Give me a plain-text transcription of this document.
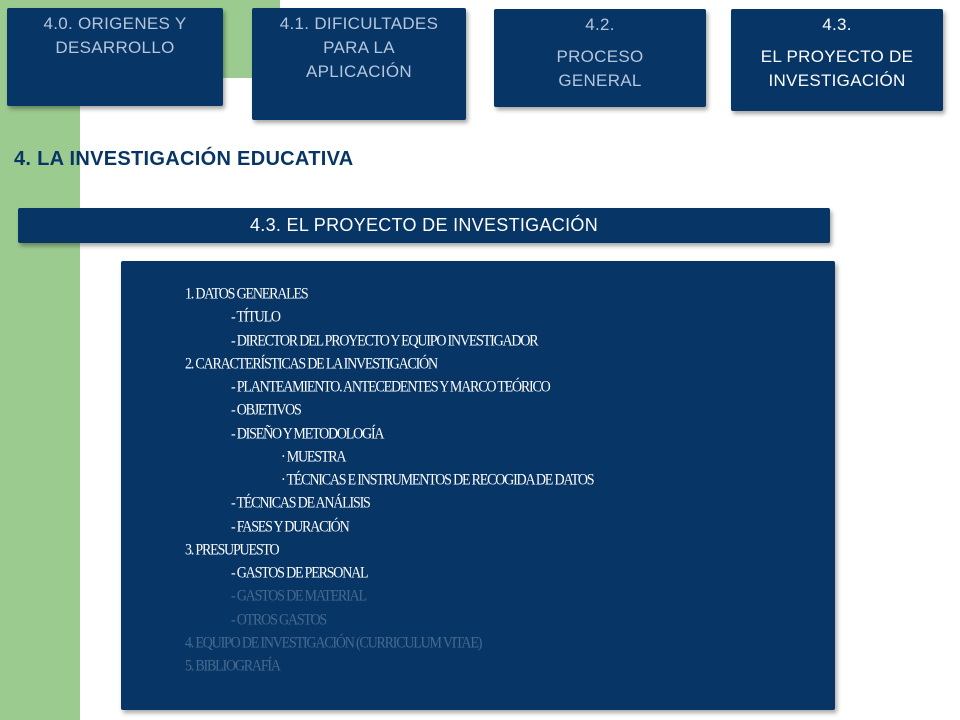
4.0. ORIGENES Y
DESARROLLO
4.1. DIFICULTADES
PARA LA
APLICACIÓN
4.2.
PROCESO
GENERAL
4.3.
EL PROYECTO DE
INVESTIGACIÓN
4. LA INVESTIGACIÓN EDUCATIVA
4.3. EL PROYECTO DE INVESTIGACIÓN
1. DATOS GENERALES
- TÍTULO
- DIRECTOR DEL PROYECTO Y EQUIPO INVESTIGADOR
2. CARACTERÍSTICAS DE LA INVESTIGACIÓN
- PLANTEAMIENTO. ANTECEDENTES Y MARCO TEÓRICO
- OBJETIVOS
- DISEÑO Y METODOLOGÍA
· MUESTRA
· TÉCNICAS E INSTRUMENTOS DE RECOGIDA DE DATOS
- TÉCNICAS DE ANÁLISIS
- FASES Y DURACIÓN
3. PRESUPUESTO
- GASTOS DE PERSONAL
- GASTOS DE MATERIAL
- OTROS GASTOS
4. EQUIPO DE INVESTIGACIÓN (CURRICULUM VITAE)
5. BIBLIOGRAFÍA
